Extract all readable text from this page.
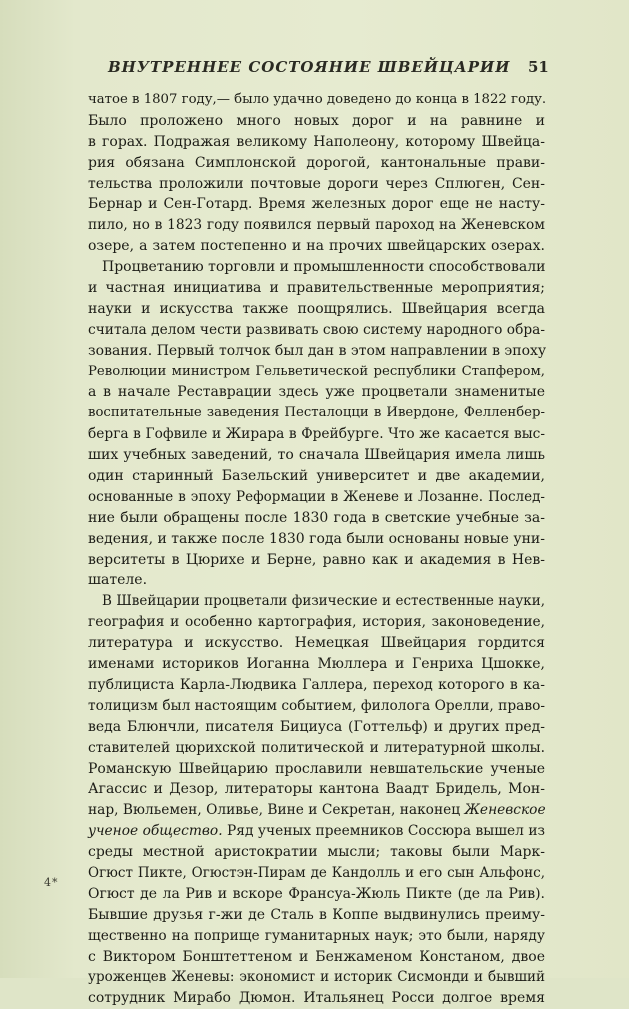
ВНУТРЕННЕЕ СОСТОЯНИЕ ШВЕЙЦАРИИ	51
чатое в 1807 году,— было удачно доведено до конца в 1822 году.
Было проложено много новых дорог и на равнине и
в горах. Подражая великому Наполеону, которому Швейца-
рия обязана Симплонской дорогой, кантональные прави-
тельства проложили почтовые дороги через Сплюген, Сен-
Бернар и Сен-Готард. Время железных дорог еще не насту-
пило, но в 1823 году появился первый пароход на Женевском
озере, а затем постепенно и на прочих швейцарских озерах.
Процветанию торговли и промышленности способствовали
и частная инициатива и правительственные мероприятия;
науки и искусства также поощрялись. Швейцария всегда
считала делом чести развивать свою систему народного обра-
зования. Первый толчок был дан в этом направлении в эпоху
Революции министром Гельветической республики Стапфером,
а в начале Реставрации здесь уже процветали знаменитые
воспитательные заведения Песталоцци в Ивердоне, Фелленбер-
берга в Гофвиле и Жирара в Фрейбурге. Что же касается выс-
ших учебных заведений, то сначала Швейцария имела лишь
один старинный Базельский университет и две академии,
основанные в эпоху Реформации в Женеве и Лозанне. Послед-
ние были обращены после 1830 года в светские учебные за-
ведения, и также после 1830 года были основаны новые уни-
верситеты в Цюрихе и Берне, равно как и академия в Нев-
шателе.
В Швейцарии процветали физические и естественные науки,
география и особенно картография, история, законоведение,
литература и искусство. Немецкая Швейцария гордится
именами историков Иоганна Мюллера и Генриха Цшокке,
публициста Карла-Людвика Галлера, переход которого в ка-
толицизм был настоящим событием, филолога Орелли, право-
веда Блюнчли, писателя Бициуса (Готтельф) и других пред-
ставителей цюрихской политической и литературной школы.
Романскую Швейцарию прославили невшательские ученые
Агассис и Дезор, литераторы кантона Ваадт Бридель, Мон-
нар, Вюльемен, Оливье, Вине и Секретан, наконец Женевское
ученое общество. Ряд ученых преемников Соссюра вышел из
среды местной аристократии мысли; таковы были Марк-
Огюст Пикте, Огюстэн-Пирам де Кандолль и его сын Альфонс,
Огюст де ла Рив и вскоре Франсуа-Жюль Пикте (де ла Рив).
Бывшие друзья г-жи де Сталь в Коппе выдвинулись преиму-
щественно на поприще гуманитарных наук; это были, наряду
с Виктором Бонштеттеном и Бенжаменом Констаном, двое
уроженцев Женевы: экономист и историк Сисмонди и бывший
сотрудник Мирабо Дюмон. Итальянец Росси долгое время
4*
